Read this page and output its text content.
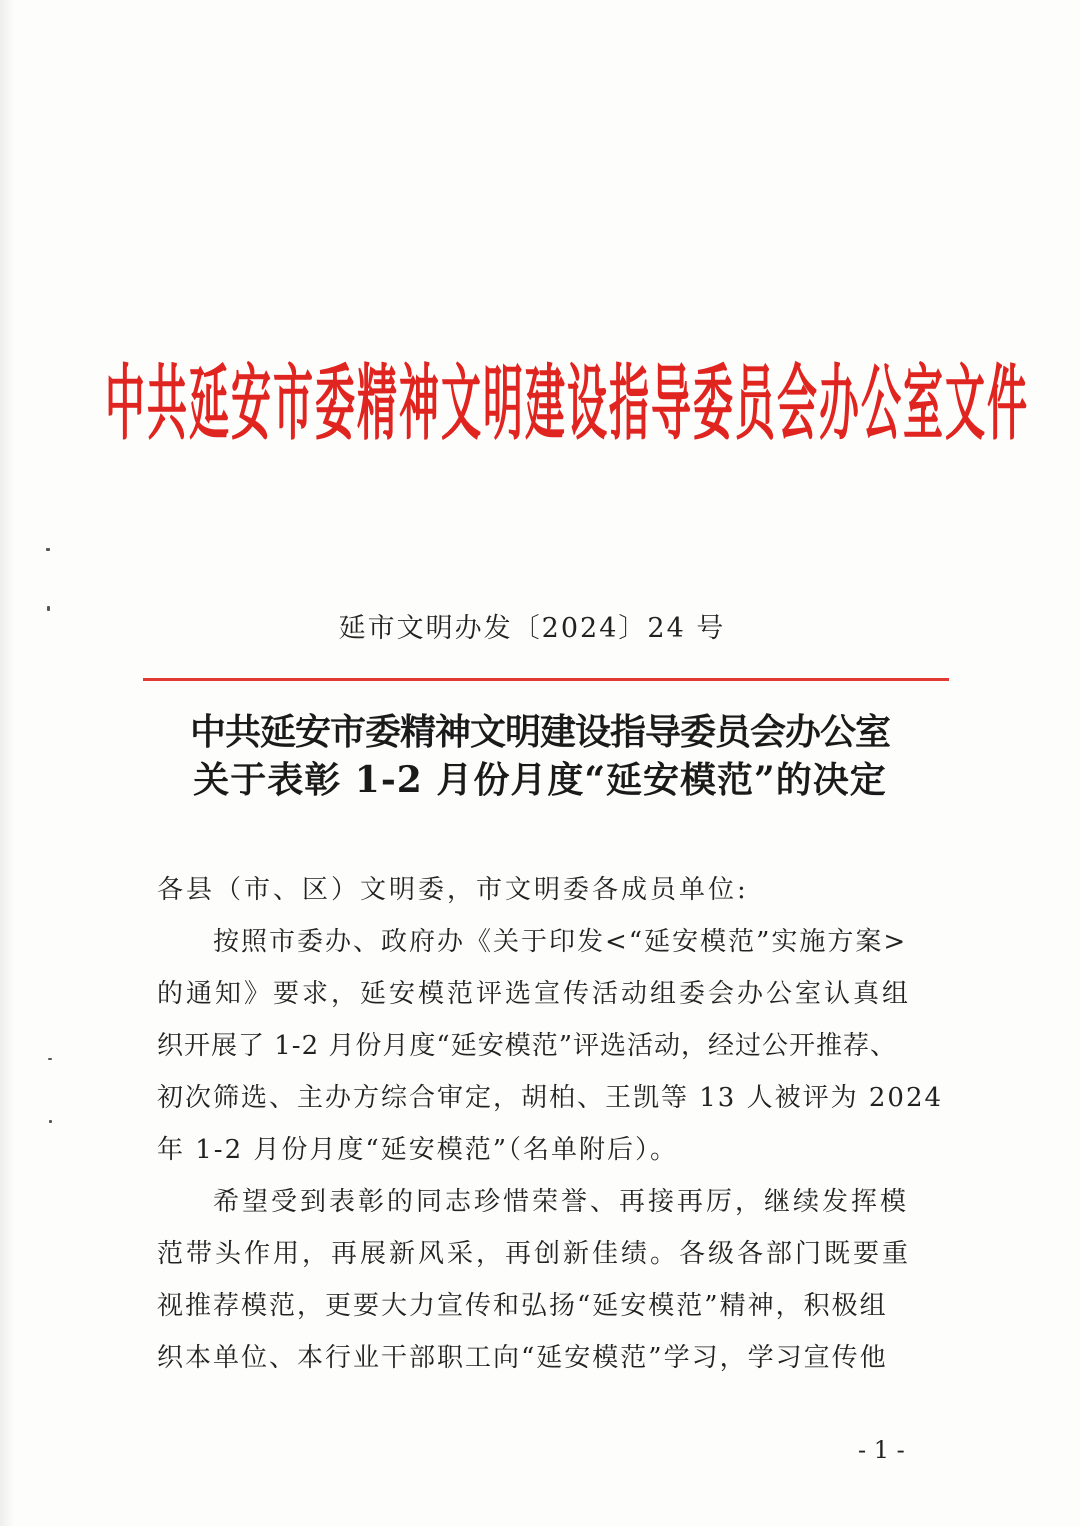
中共延安市委精神文明建设指导委员会办公室文件
延市文明办发〔2024〕24 号
中共延安市委精神文明建设指导委员会办公室
关于表彰 1-2 月份月度“延安模范”的决定
各县（市、区）文明委，市文明委各成员单位:
按照市委办、政府办《关于印发<“延安模范”实施方案>
的通知》要求，延安模范评选宣传活动组委会办公室认真组
织开展了 1-2 月份月度“延安模范”评选活动，经过公开推荐、
初次筛选、主办方综合审定，胡柏、王凯等 13 人被评为 2024
年 1-2 月份月度“延安模范”（名单附后）。
希望受到表彰的同志珍惜荣誉、再接再厉，继续发挥模
范带头作用，再展新风采，再创新佳绩。各级各部门既要重
视推荐模范，更要大力宣传和弘扬“延安模范”精神，积极组
织本单位、本行业干部职工向“延安模范”学习，学习宣传他
- 1 -
